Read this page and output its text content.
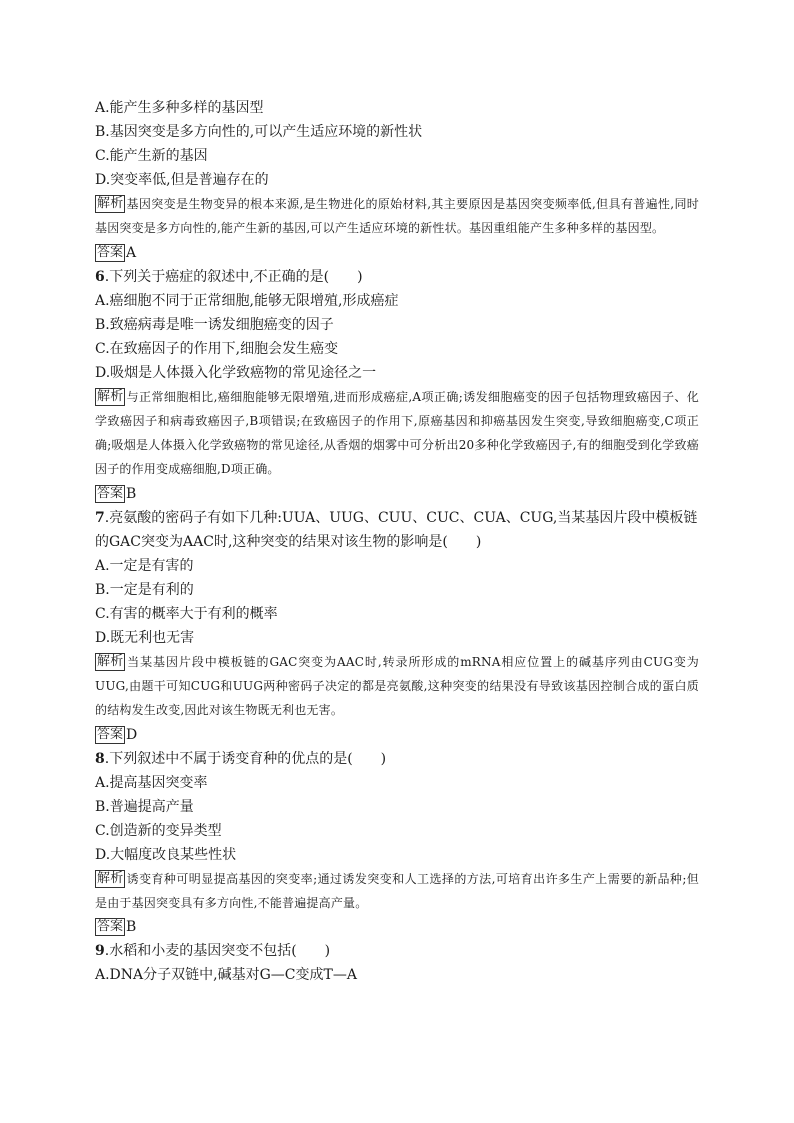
A.能产生多种多样的基因型
B.基因突变是多方向性的,可以产生适应环境的新性状
C.能产生新的基因
D.突变率低,但是普遍存在的
解析 基因突变是生物变异的根本来源,是生物进化的原始材料,其主要原因是基因突变频率低,但具有普遍性,同时基因突变是多方向性的,能产生新的基因,可以产生适应环境的新性状。基因重组能产生多种多样的基因型。
答案 A
6.下列关于癌症的叙述中,不正确的是(　　)
A.癌细胞不同于正常细胞,能够无限增殖,形成癌症
B.致癌病毒是唯一诱发细胞癌变的因子
C.在致癌因子的作用下,细胞会发生癌变
D.吸烟是人体摄入化学致癌物的常见途径之一
解析 与正常细胞相比,癌细胞能够无限增殖,进而形成癌症,A项正确;诱发细胞癌变的因子包括物理致癌因子、化学致癌因子和病毒致癌因子,B项错误;在致癌因子的作用下,原癌基因和抑癌基因发生突变,导致细胞癌变,C项正确;吸烟是人体摄入化学致癌物的常见途径,从香烟的烟雾中可分析出20多种化学致癌因子,有的细胞受到化学致癌因子的作用变成癌细胞,D项正确。
答案 B
7.亮氨酸的密码子有如下几种:UUA、UUG、CUU、CUC、CUA、CUG,当某基因片段中模板链的GAC突变为AAC时,这种突变的结果对该生物的影响是(　　)
A.一定是有害的
B.一定是有利的
C.有害的概率大于有利的概率
D.既无利也无害
解析 当某基因片段中模板链的GAC突变为AAC时,转录所形成的mRNA相应位置上的碱基序列由CUG变为UUG,由题干可知CUG和UUG两种密码子决定的都是亮氨酸,这种突变的结果没有导致该基因控制合成的蛋白质的结构发生改变,因此对该生物既无利也无害。
答案 D
8.下列叙述中不属于诱变育种的优点的是(　　)
A.提高基因突变率
B.普遍提高产量
C.创造新的变异类型
D.大幅度改良某些性状
解析 诱变育种可明显提高基因的突变率;通过诱发突变和人工选择的方法,可培育出许多生产上需要的新品种;但是由于基因突变具有多方向性,不能普遍提高产量。
答案 B
9.水稻和小麦的基因突变不包括(　　)
A.DNA分子双链中,碱基对G—C变成T—A
